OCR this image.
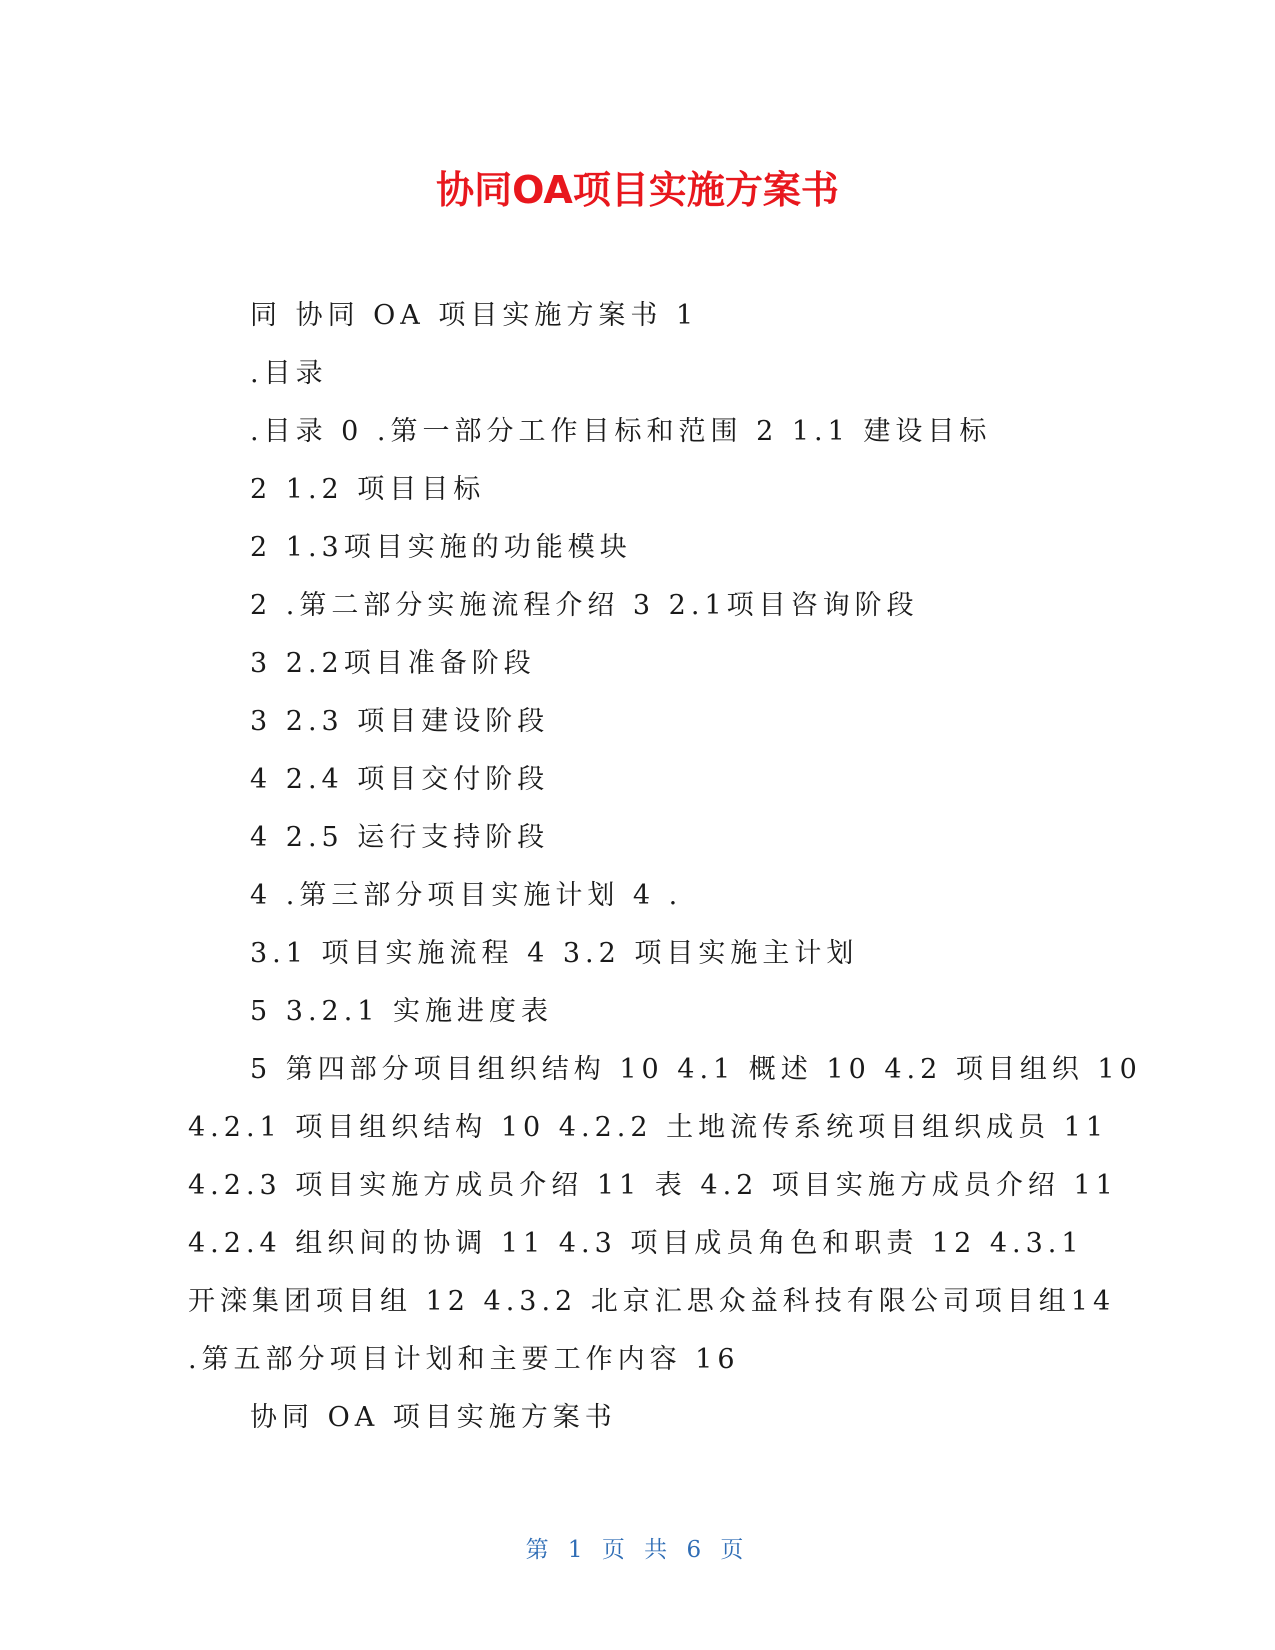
协同OA项目实施方案书
同 协同 OA 项目实施方案书 1
.目录
.目录 0 .第一部分工作目标和范围 2 1.1 建设目标
2 1.2 项目目标
2 1.3项目实施的功能模块
2 .第二部分实施流程介绍 3 2.1项目咨询阶段
3 2.2项目准备阶段
3 2.3 项目建设阶段
4 2.4 项目交付阶段
4 2.5 运行支持阶段
4 .第三部分项目实施计划 4 .
3.1 项目实施流程 4 3.2 项目实施主计划
5 3.2.1 实施进度表
5 第四部分项目组织结构 10 4.1 概述 10 4.2 项目组织 10
4.2.1 项目组织结构 10 4.2.2 土地流传系统项目组织成员 11
4.2.3 项目实施方成员介绍 11 表 4.2 项目实施方成员介绍 11
4.2.4 组织间的协调 11 4.3 项目成员角色和职责 12 4.3.1
开滦集团项目组 12 4.3.2 北京汇思众益科技有限公司项目组14
.第五部分项目计划和主要工作内容 16
协同 OA 项目实施方案书
第 1 页 共 6 页
